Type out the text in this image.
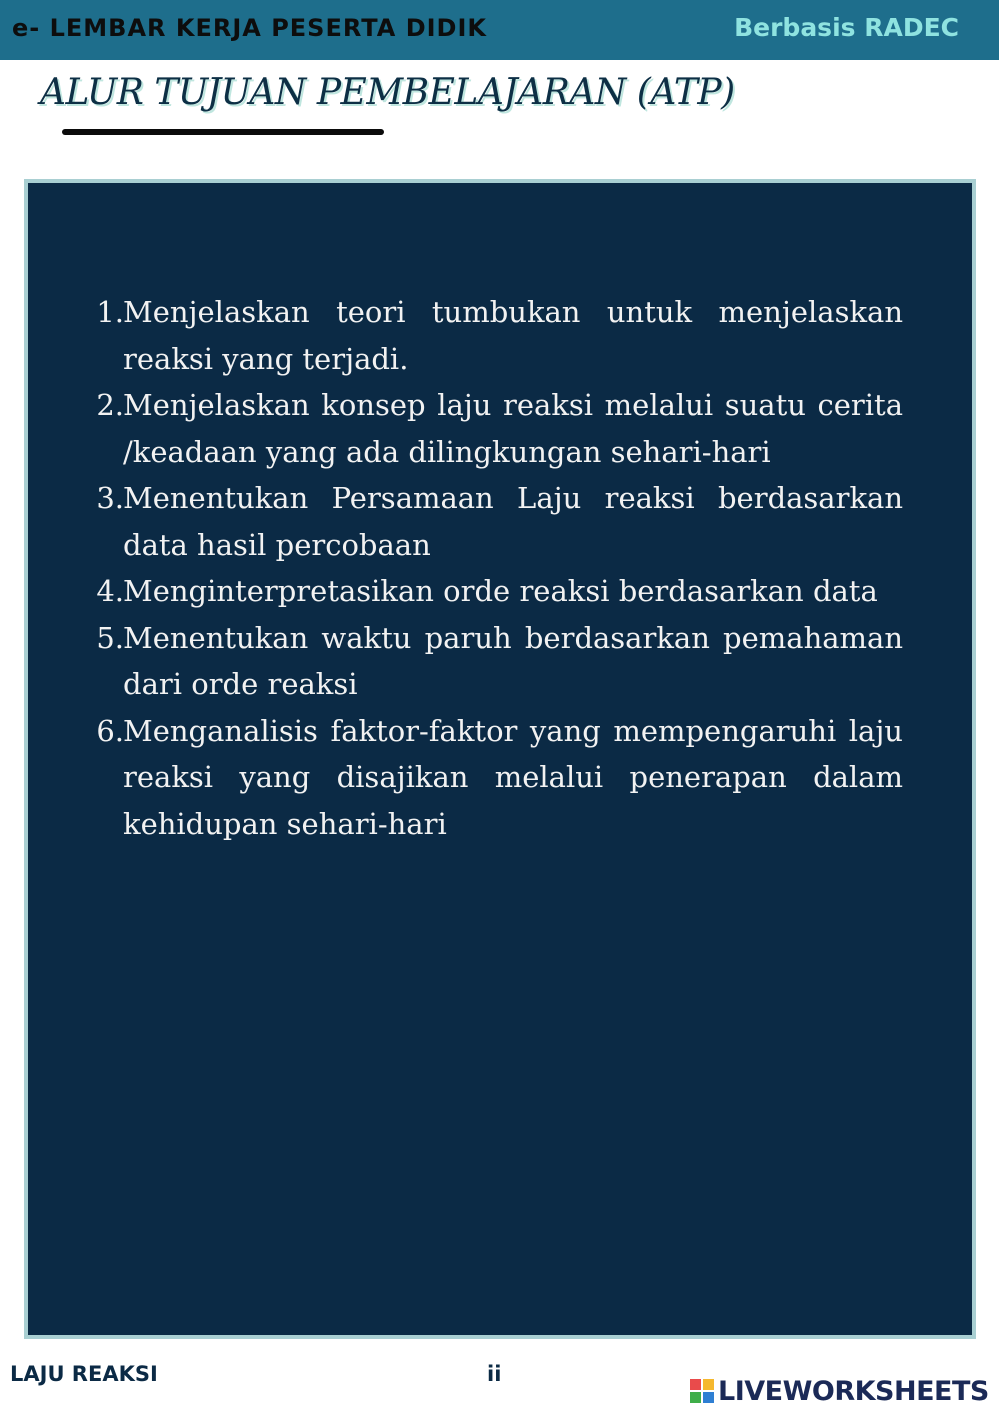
e- LEMBAR KERJA PESERTA DIDIK	Berbasis RADEC
ALUR TUJUAN PEMBELAJARAN (ATP)
1. Menjelaskan teori tumbukan untuk menjelaskan reaksi yang terjadi.
2. Menjelaskan konsep laju reaksi melalui suatu cerita /keadaan yang ada dilingkungan sehari-hari
3. Menentukan Persamaan Laju reaksi berdasarkan data hasil percobaan
4. Menginterpretasikan orde reaksi berdasarkan data
5. Menentukan waktu paruh berdasarkan pemahaman dari orde reaksi
6. Menganalisis faktor-faktor yang mempengaruhi laju reaksi yang disajikan melalui penerapan dalam kehidupan sehari-hari
LAJU REAKSI	ii
LIVEWORKSHEETS
